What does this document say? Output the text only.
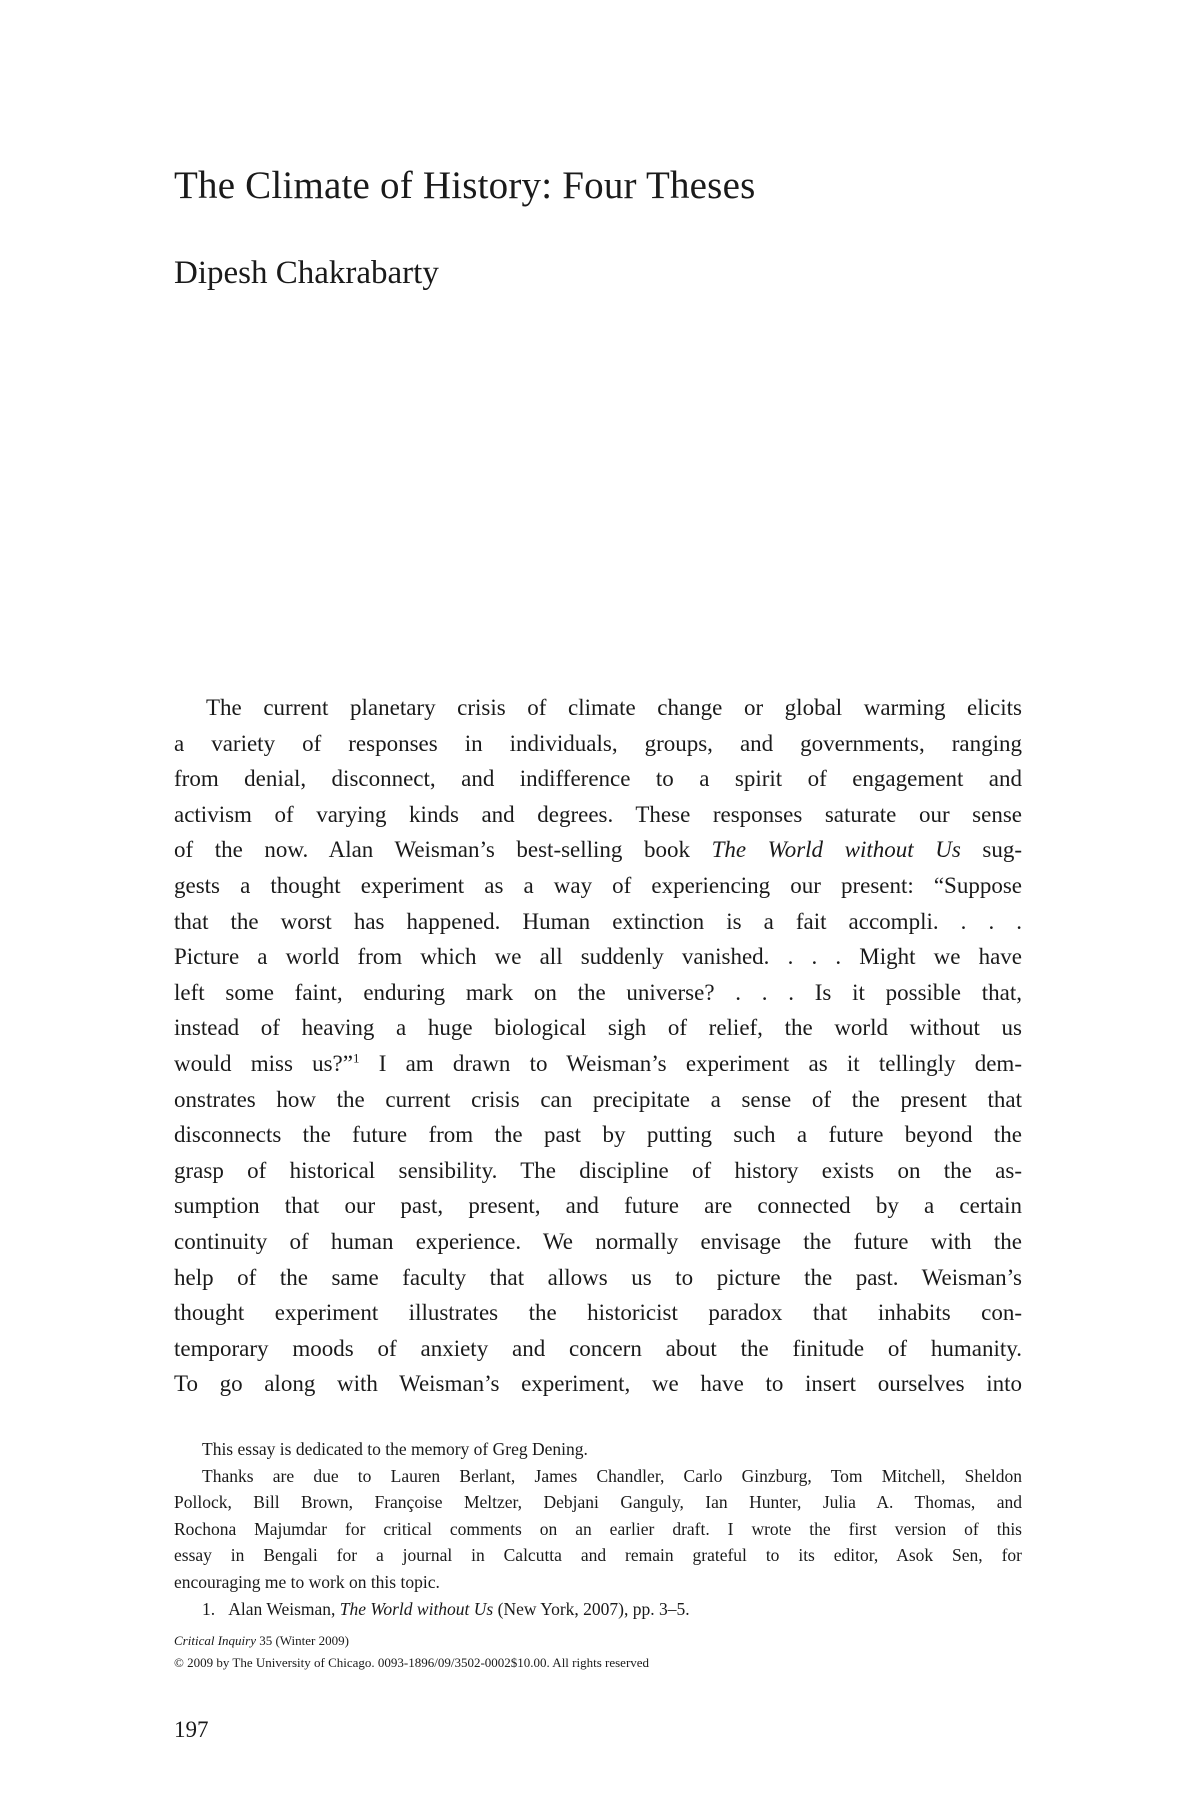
The Climate of History: Four Theses
Dipesh Chakrabarty
The current planetary crisis of climate change or global warming elicits
a variety of responses in individuals, groups, and governments, ranging
from denial, disconnect, and indifference to a spirit of engagement and
activism of varying kinds and degrees. These responses saturate our sense
of the now. Alan Weisman’s best-selling book The World without Us sug-
gests a thought experiment as a way of experiencing our present: “Suppose
that the worst has happened. Human extinction is a fait accompli. . . .
Picture a world from which we all suddenly vanished. . . . Might we have
left some faint, enduring mark on the universe? . . . Is it possible that,
instead of heaving a huge biological sigh of relief, the world without us
would miss us?”$^1$ I am drawn to Weisman’s experiment as it tellingly dem-
onstrates how the current crisis can precipitate a sense of the present that
disconnects the future from the past by putting such a future beyond the
grasp of historical sensibility. The discipline of history exists on the as-
sumption that our past, present, and future are connected by a certain
continuity of human experience. We normally envisage the future with the
help of the same faculty that allows us to picture the past. Weisman’s
thought experiment illustrates the historicist paradox that inhabits con-
temporary moods of anxiety and concern about the finitude of humanity.
To go along with Weisman’s experiment, we have to insert ourselves into
This essay is dedicated to the memory of Greg Dening.
Thanks are due to Lauren Berlant, James Chandler, Carlo Ginzburg, Tom Mitchell, Sheldon
Pollock, Bill Brown, Françoise Meltzer, Debjani Ganguly, Ian Hunter, Julia A. Thomas, and
Rochona Majumdar for critical comments on an earlier draft. I wrote the first version of this
essay in Bengali for a journal in Calcutta and remain grateful to its editor, Asok Sen, for
encouraging me to work on this topic.
1. Alan Weisman, The World without Us (New York, 2007), pp. 3–5.
Critical Inquiry 35 (Winter 2009)
© 2009 by The University of Chicago. 0093-1896/09/3502-0002$10.00. All rights reserved

197
